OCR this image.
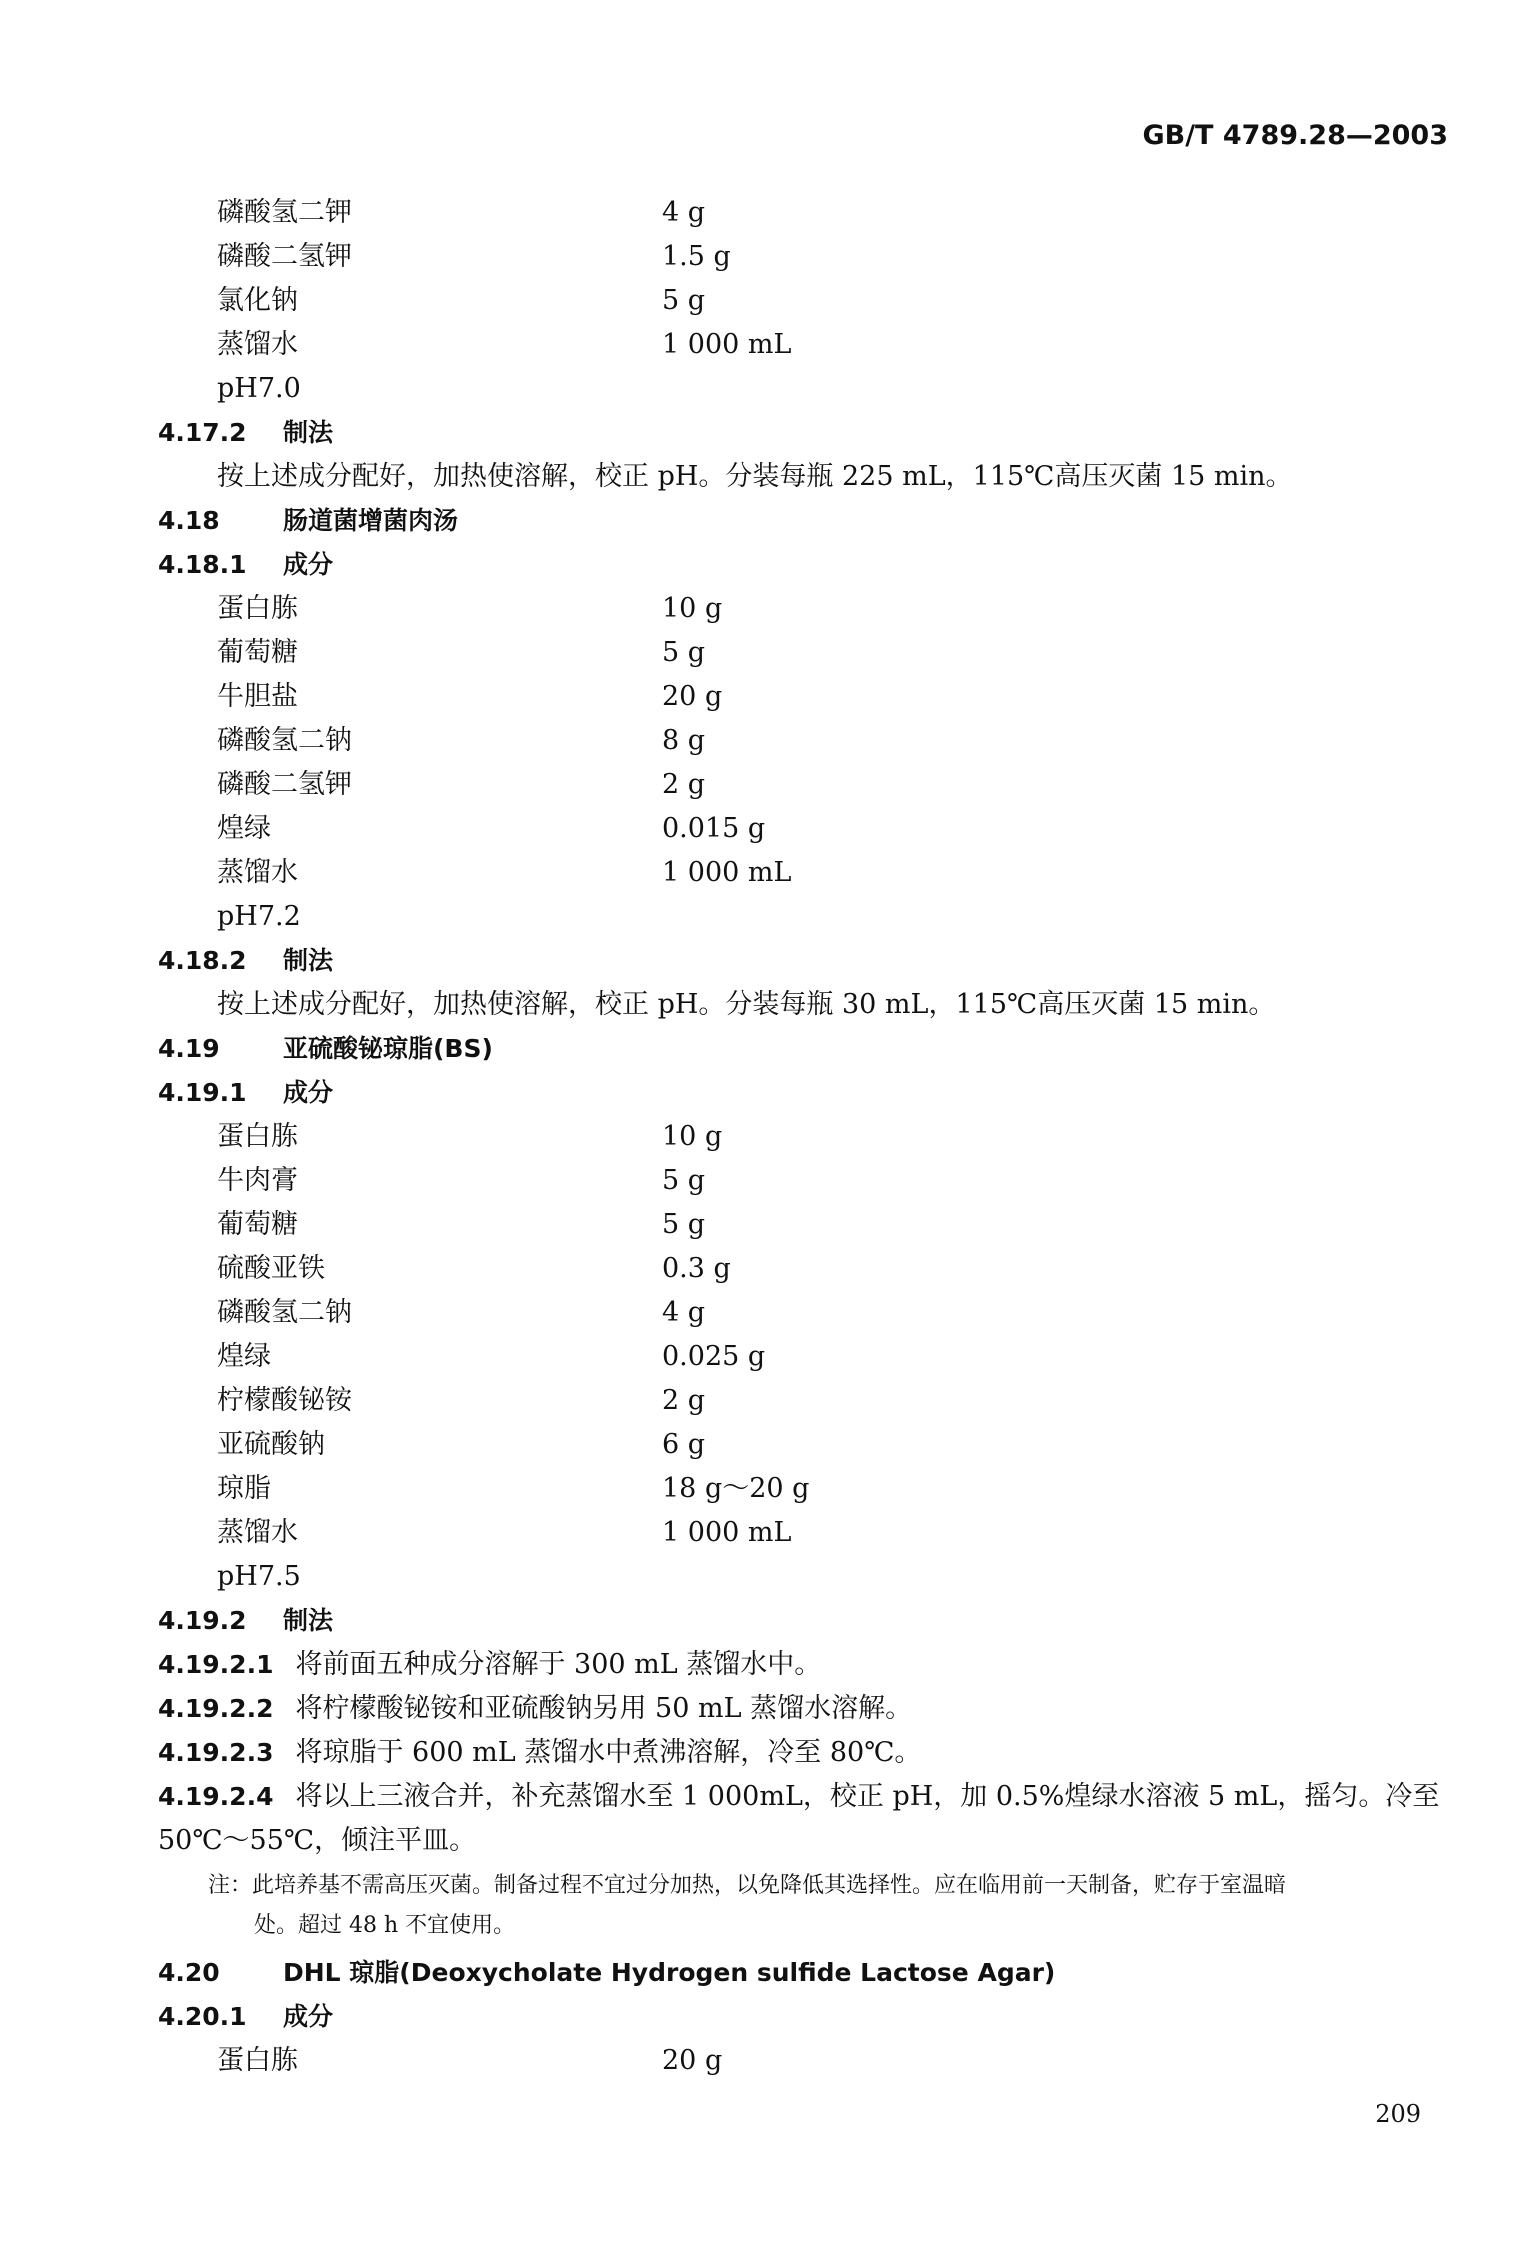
GB/T 4789.28—2003
磷酸氢二钾	4 g
磷酸二氢钾	1.5 g
氯化钠	5 g
蒸馏水	1 000 mL
pH7.0
4.17.2 制法
按上述成分配好，加热使溶解，校正 pH。分装每瓶 225 mL，115℃高压灭菌 15 min。
4.18	肠道菌增菌肉汤
4.18.1 成分
蛋白胨	10 g
葡萄糖	5 g
牛胆盐	20 g
磷酸氢二钠	8 g
磷酸二氢钾	2 g
煌绿	0.015 g
蒸馏水	1 000 mL
pH7.2
4.18.2 制法
按上述成分配好，加热使溶解，校正 pH。分装每瓶 30 mL，115℃高压灭菌 15 min。
4.19	亚硫酸铋琼脂(BS)
4.19.1 成分
蛋白胨	10 g
牛肉膏	5 g
葡萄糖	5 g
硫酸亚铁	0.3 g
磷酸氢二钠	4 g
煌绿	0.025 g
柠檬酸铋铵	2 g
亚硫酸钠	6 g
琼脂	18 g～20 g
蒸馏水	1 000 mL
pH7.5
4.19.2 制法
4.19.2.1 将前面五种成分溶解于 300 mL 蒸馏水中。
4.19.2.2 将柠檬酸铋铵和亚硫酸钠另用 50 mL 蒸馏水溶解。
4.19.2.3 将琼脂于 600 mL 蒸馏水中煮沸溶解，冷至 80℃。
4.19.2.4 将以上三液合并，补充蒸馏水至 1 000mL，校正 pH，加 0.5%煌绿水溶液 5 mL，摇匀。冷至
50℃～55℃，倾注平皿。
注：此培养基不需高压灭菌。制备过程不宜过分加热，以免降低其选择性。应在临用前一天制备，贮存于室温暗
处。超过 48 h 不宜使用。
4.20	DHL 琼脂(Deoxycholate Hydrogen sulfide Lactose Agar)
4.20.1 成分
蛋白胨	20 g
209
